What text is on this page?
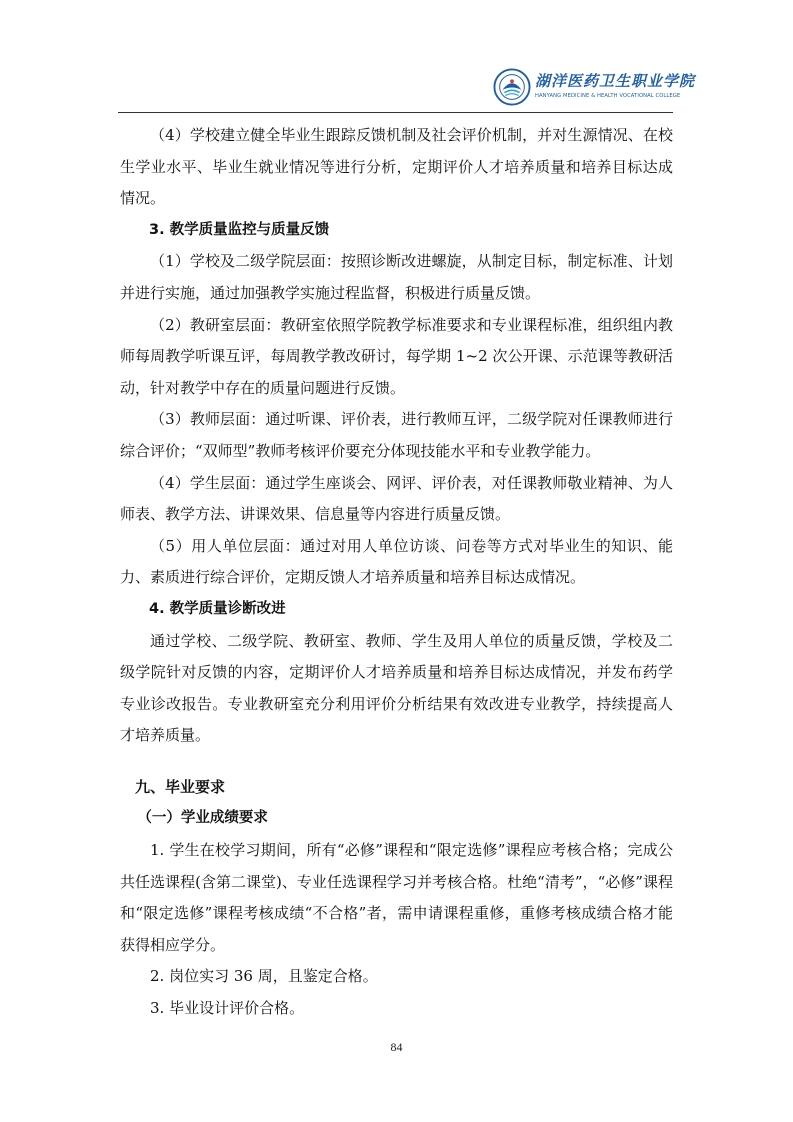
湖洋医药卫生职业学院
HANYANG MEDICINE & HEALTH VOCATIONAL COLLEGE

（4）学校建立健全毕业生跟踪反馈机制及社会评价机制，并对生源情况、在校生学业水平、毕业生就业情况等进行分析，定期评价人才培养质量和培养目标达成情况。

3. 教学质量监控与质量反馈

（1）学校及二级学院层面：按照诊断改进螺旋，从制定目标，制定标准、计划并进行实施，通过加强教学实施过程监督，积极进行质量反馈。

（2）教研室层面：教研室依照学院教学标准要求和专业课程标准，组织组内教师每周教学听课互评，每周教学教改研讨，每学期 1~2 次公开课、示范课等教研活动，针对教学中存在的质量问题进行反馈。

（3）教师层面：通过听课、评价表，进行教师互评，二级学院对任课教师进行综合评价；“双师型”教师考核评价要充分体现技能水平和专业教学能力。

（4）学生层面：通过学生座谈会、网评、评价表，对任课教师敬业精神、为人师表、教学方法、讲课效果、信息量等内容进行质量反馈。

（5）用人单位层面：通过对用人单位访谈、问卷等方式对毕业生的知识、能力、素质进行综合评价，定期反馈人才培养质量和培养目标达成情况。

4. 教学质量诊断改进

通过学校、二级学院、教研室、教师、学生及用人单位的质量反馈，学校及二级学院针对反馈的内容，定期评价人才培养质量和培养目标达成情况，并发布药学专业诊改报告。专业教研室充分利用评价分析结果有效改进专业教学，持续提高人才培养质量。

九、毕业要求

（一）学业成绩要求

1. 学生在校学习期间，所有“必修”课程和“限定选修”课程应考核合格；完成公共任选课程(含第二课堂)、专业任选课程学习并考核合格。杜绝“清考”，“必修”课程和“限定选修”课程考核成绩“不合格”者，需申请课程重修，重修考核成绩合格才能获得相应学分。

2. 岗位实习 36 周，且鉴定合格。

3. 毕业设计评价合格。

84
